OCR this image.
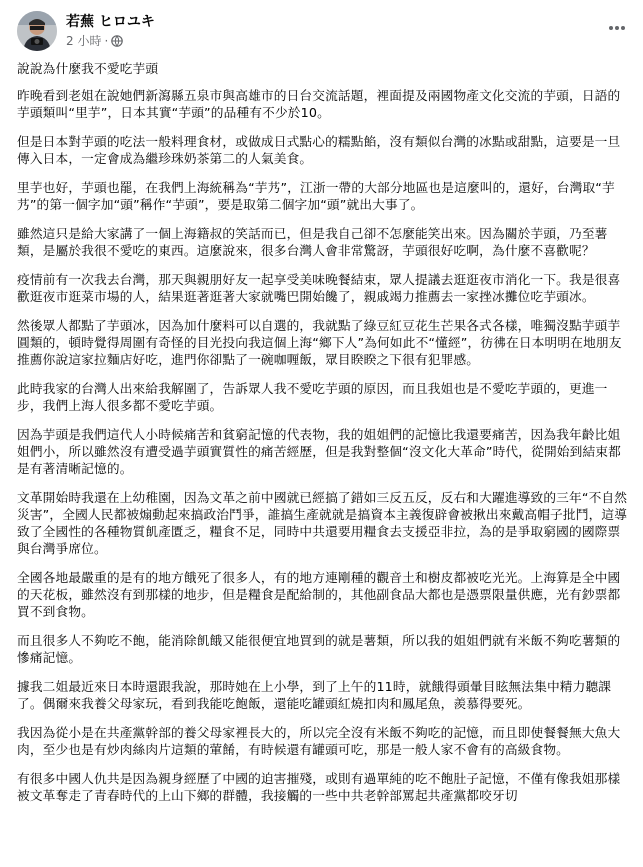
若蕪 ヒロユキ
2 小時 ·

說說為什麼我不愛吃芋頭

昨晚看到老姐在說她們新瀉縣五泉市與高雄市的日台交流話題，裡面提及兩國物產文化交流的芋頭，日語的芋頭類叫“里芋”，日本其實“芋頭”的品種有不少於10。

但是日本對芋頭的吃法一般料理食材，或做成日式點心的糯點餡，沒有類似台灣的冰點或甜點，這要是一旦傳入日本，一定會成為繼珍珠奶茶第二的人氣美食。

里芋也好，芋頭也罷，在我們上海統稱為“芋艿”，江浙一帶的大部分地區也是這麼叫的，還好，台灣取“芋艿”的第一個字加“頭”稱作“芋頭”，要是取第二個字加“頭”就出大事了。

雖然這只是給大家講了一個上海籍叔的笑話而已，但是我自己卻不怎麼能笑出來。因為關於芋頭，乃至薯類，是屬於我很不愛吃的東西。這麼說來，很多台灣人會非常驚訝，芋頭很好吃啊，為什麼不喜歡呢？

疫情前有一次我去台灣，那天與親朋好友一起享受美味晚餐結束，眾人提議去逛逛夜市消化一下。我是很喜歡逛夜市逛菜市場的人，結果逛著逛著大家就嘴巴開始饞了，親戚竭力推薦去一家挫冰攤位吃芋頭冰。

然後眾人都點了芋頭冰，因為加什麼料可以自選的，我就點了綠豆紅豆花生芒果各式各樣，唯獨沒點芋頭芋圓類的，頓時覺得周圍有奇怪的目光投向我這個上海“鄉下人”為何如此不“懂經”，彷彿在日本明明在地朋友推薦你說這家拉麵店好吃，進門你卻點了一碗咖喱飯，眾目睽睽之下很有犯罪感。

此時我家的台灣人出來給我解圍了，告訴眾人我不愛吃芋頭的原因，而且我姐也是不愛吃芋頭的，更進一步，我們上海人很多都不愛吃芋頭。

因為芋頭是我們這代人小時候痛苦和貧窮記憶的代表物，我的姐姐們的記憶比我還要痛苦，因為我年齡比姐姐們小，所以雖然沒有遭受過芋頭實質性的痛苦經歷，但是我對整個“沒文化大革命”時代，從開始到結束都是有著清晰記憶的。

文革開始時我還在上幼稚園，因為文革之前中國就已經搞了錯如三反五反，反右和大躍進導致的三年“不自然災害”，全國人民都被煽動起來搞政治鬥爭，誰搞生產就就是搞資本主義復辟會被揪出來戴高帽子批鬥，這導致了全國性的各種物質飢產匱乏，糧食不足，同時中共還要用糧食去支援亞非拉，為的是爭取窮國的國際票與台灣爭席位。

全國各地最嚴重的是有的地方餓死了很多人，有的地方連剛種的觀音土和樹皮都被吃光光。上海算是全中國的天花板，雖然沒有到那樣的地步，但是糧食是配給制的，其他副食品大都也是憑票限量供應，光有鈔票都買不到食物。

而且很多人不夠吃不飽，能消除飢餓又能很便宜地買到的就是薯類，所以我的姐姐們就有米飯不夠吃薯類的慘痛記憶。

據我二姐最近來日本時還跟我說，那時她在上小學，到了上午的11時，就餓得頭暈目眩無法集中精力聽課了。偶爾來我養父母家玩，看到我能吃飽飯，還能吃罐頭紅燒扣肉和鳳尾魚，羨慕得要死。

我因為從小是在共產黨幹部的養父母家裡長大的，所以完全沒有米飯不夠吃的記憶，而且即使餐餐無大魚大肉，至少也是有炒肉絲肉片這類的葷餚，有時候還有罐頭可吃，那是一般人家不會有的高級食物。

有很多中國人仇共是因為親身經歷了中國的迫害摧殘，或則有過單純的吃不飽肚子記憶，不僅有像我姐那樣被文革奪走了青春時代的上山下鄉的群體，我接觸的一些中共老幹部罵起共產黨都咬牙切
